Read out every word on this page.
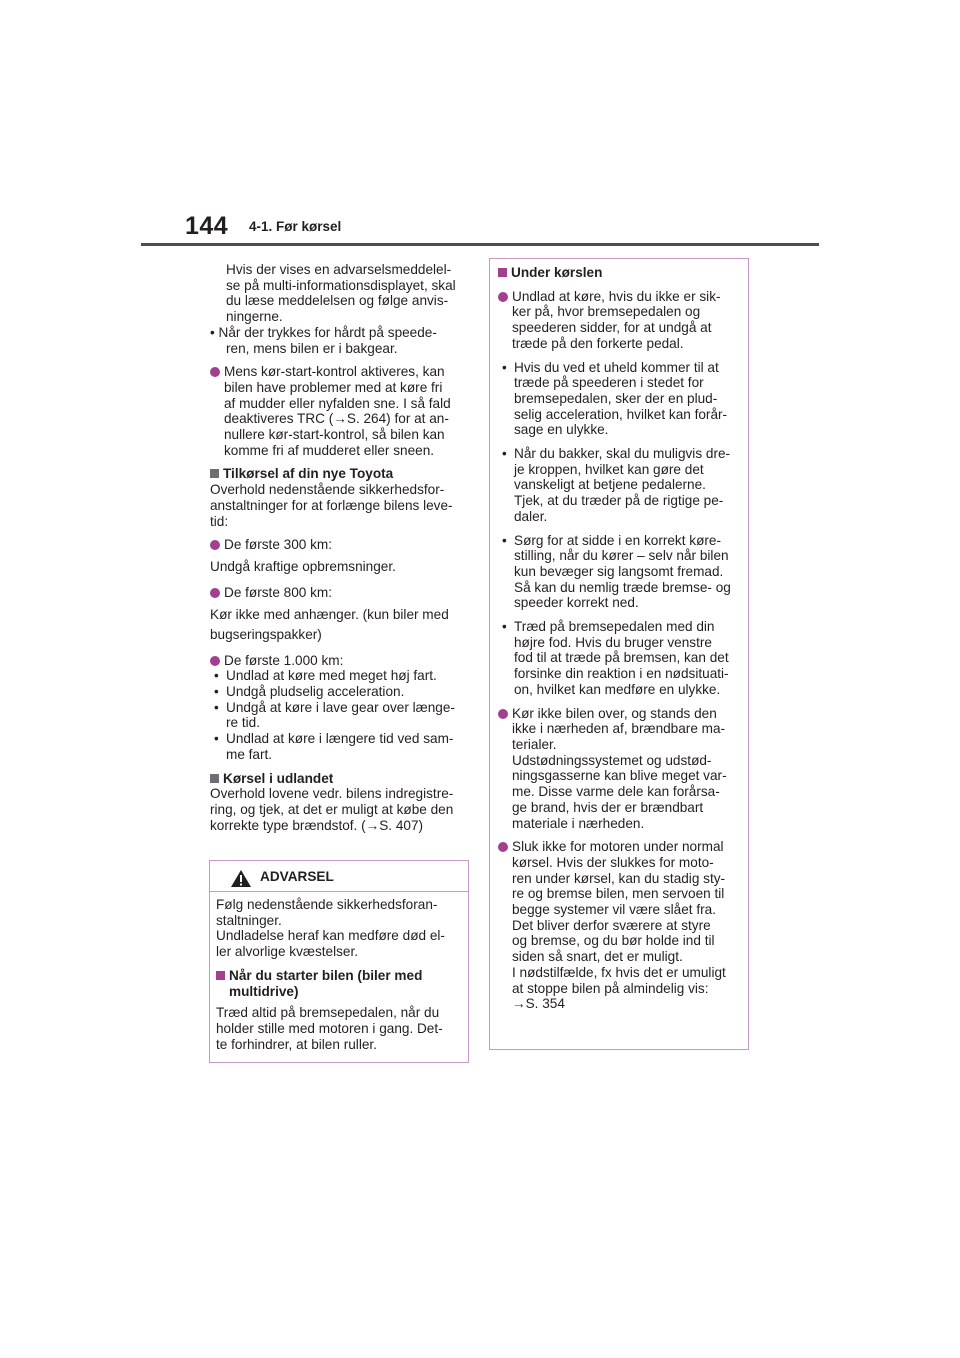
144 4-1. Før kørsel
Hvis der vises en advarselsmeddelel-
se på multi-informationsdisplayet, skal
du læse meddelelsen og følge anvis-
ningerne.
• Når der trykkes for hårdt på speede-
ren, mens bilen er i bakgear.
Mens kør-start-kontrol aktiveres, kan
bilen have problemer med at køre fri
af mudder eller nyfalden sne. I så fald
deaktiveres TRC (→S. 264) for at an-
nullere kør-start-kontrol, så bilen kan
komme fri af mudderet eller sneen.
Tilkørsel af din nye Toyota
Overhold nedenstående sikkerhedsfor-
anstaltninger for at forlænge bilens leve-
tid:
De første 300 km:
Undgå kraftige opbremsninger.
De første 800 km:
Kør ikke med anhænger. (kun biler med
bugseringspakker)
De første 1.000 km:
• Undlad at køre med meget høj fart.
• Undgå pludselig acceleration.
• Undgå at køre i lave gear over længe-
re tid.
• Undlad at køre i længere tid ved sam-
me fart.
Kørsel i udlandet
Overhold lovene vedr. bilens indregistre-
ring, og tjek, at det er muligt at købe den
korrekte type brændstof. (→S. 407)
ADVARSEL
Følg nedenstående sikkerhedsforan-
staltninger.
Undladelse heraf kan medføre død el-
ler alvorlige kvæstelser.
Når du starter bilen (biler med
multidrive)
Træd altid på bremsepedalen, når du
holder stille med motoren i gang. Det-
te forhindrer, at bilen ruller.
Under kørslen
Undlad at køre, hvis du ikke er sik-
ker på, hvor bremsepedalen og
speederen sidder, for at undgå at
træde på den forkerte pedal.
• Hvis du ved et uheld kommer til at
træde på speederen i stedet for
bremsepedalen, sker der en plud-
selig acceleration, hvilket kan forår-
sage en ulykke.
• Når du bakker, skal du muligvis dre-
je kroppen, hvilket kan gøre det
vanskeligt at betjene pedalerne.
Tjek, at du træder på de rigtige pe-
daler.
• Sørg for at sidde i en korrekt køre-
stilling, når du kører – selv når bilen
kun bevæger sig langsomt fremad.
Så kan du nemlig træde bremse- og
speeder korrekt ned.
• Træd på bremsepedalen med din
højre fod. Hvis du bruger venstre
fod til at træde på bremsen, kan det
forsinke din reaktion i en nødsituati-
on, hvilket kan medføre en ulykke.
Kør ikke bilen over, og stands den
ikke i nærheden af, brændbare ma-
terialer.
Udstødningssystemet og udstød-
ningsgasserne kan blive meget var-
me. Disse varme dele kan forårsa-
ge brand, hvis der er brændbart
materiale i nærheden.
Sluk ikke for motoren under normal
kørsel. Hvis der slukkes for moto-
ren under kørsel, kan du stadig sty-
re og bremse bilen, men servoen til
begge systemer vil være slået fra.
Det bliver derfor sværere at styre
og bremse, og du bør holde ind til
siden så snart, det er muligt.
I nødstilfælde, fx hvis det er umuligt
at stoppe bilen på almindelig vis:
→S. 354
